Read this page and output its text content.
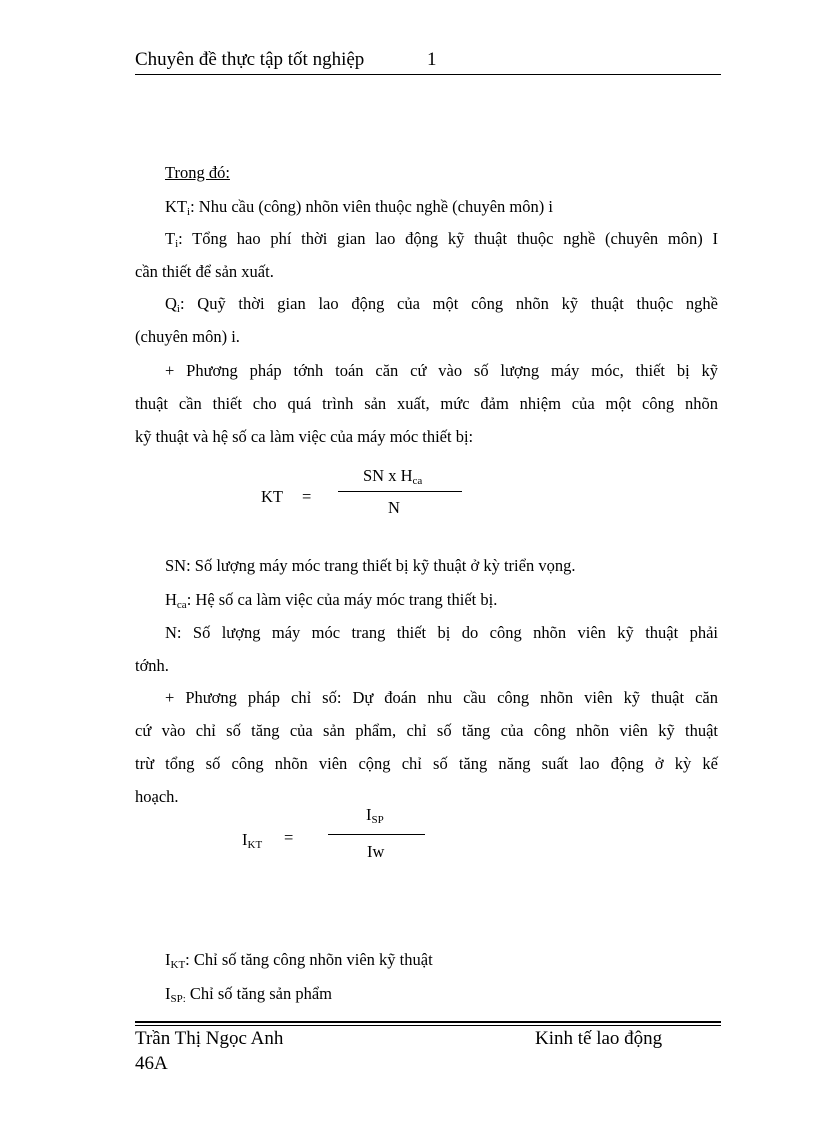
Chuyên đề thực tập tốt nghiệp	1
Trong đó:
$KT_i$: Nhu cầu (công) nhõn viên thuộc nghề (chuyên môn) i
$T_i$: Tổng hao phí thời gian lao động kỹ thuật thuộc nghề (chuyên môn) I
cần thiết để sản xuất.
$Q_i$: Quỹ thời gian lao động của một công nhõn kỹ thuật thuộc nghề
(chuyên môn) i.
+ Phương pháp tớnh toán căn cứ vào số lượng máy móc, thiết bị kỹ
thuật cần thiết cho quá trình sản xuất, mức đảm nhiệm của một công nhõn
kỹ thuật và hệ số ca làm việc của máy móc thiết bị:
KT =
SN x $H_{ca}$
N
SN: Số lượng máy móc trang thiết bị kỹ thuật ở kỳ triển vọng.
$H_{ca}$: Hệ số ca làm việc của máy móc trang thiết bị.
N: Số lượng máy móc trang thiết bị do công nhõn viên kỹ thuật phải
tớnh.
+ Phương pháp chỉ số: Dự đoán nhu cầu công nhõn viên kỹ thuật căn
cứ vào chỉ số tăng của sản phẩm, chỉ số tăng của công nhõn viên kỹ thuật
trừ tổng số công nhõn viên cộng chỉ số tăng năng suất lao động ở kỳ kế
hoạch.
$I_{KT}$ =
$I_{SP}$
Iw
$I_{KT}$: Chỉ số tăng công nhõn viên kỹ thuật
$I_{SP:}$ Chỉ số tăng sản phẩm
Trần Thị Ngọc Anh	Kinh tế lao động
46A
